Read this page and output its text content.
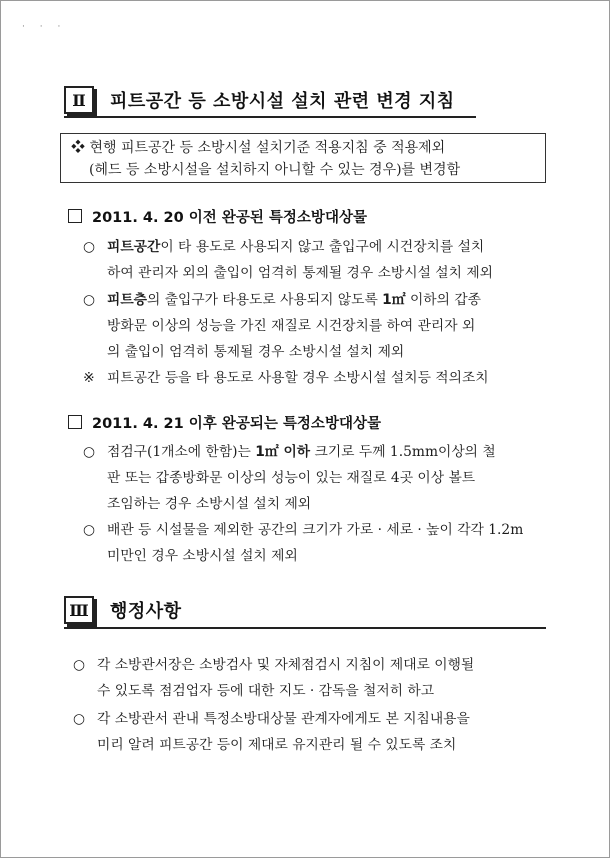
· · ·
Ⅱ	피트공간 등 소방시설 설치 관련 변경 지침
❖ 현행 피트공간 등 소방시설 설치기준 적용지침 중 적용제외
(헤드 등 소방시설을 설치하지 아니할 수 있는 경우)를 변경함
2011. 4. 20 이전 완공된 특정소방대상물
○ 피트공간이 타 용도로 사용되지 않고 출입구에 시건장치를 설치
하여 관리자 외의 출입이 엄격히 통제될 경우 소방시설 설치 제외
○ 피트층의 출입구가 타용도로 사용되지 않도록 1㎡ 이하의 갑종
방화문 이상의 성능을 가진 재질로 시건장치를 하여 관리자 외
의 출입이 엄격히 통제될 경우 소방시설 설치 제외
※ 피트공간 등을 타 용도로 사용할 경우 소방시설 설치등 적의조치
2011. 4. 21 이후 완공되는 특정소방대상물
○ 점검구(1개소에 한함)는 1㎡ 이하 크기로 두께 1.5mm이상의 철
판 또는 갑종방화문 이상의 성능이 있는 재질로 4곳 이상 볼트
조임하는 경우 소방시설 설치 제외
○ 배관 등 시설물을 제외한 공간의 크기가 가로 · 세로 · 높이 각각 1.2m
미만인 경우 소방시설 설치 제외
Ⅲ 행정사항
○ 각 소방관서장은 소방검사 및 자체점검시 지침이 제대로 이행될
수 있도록 점검업자 등에 대한 지도 · 감독을 철저히 하고
○ 각 소방관서 관내 특정소방대상물 관계자에게도 본 지침내용을
미리 알려 피트공간 등이 제대로 유지관리 될 수 있도록 조치
